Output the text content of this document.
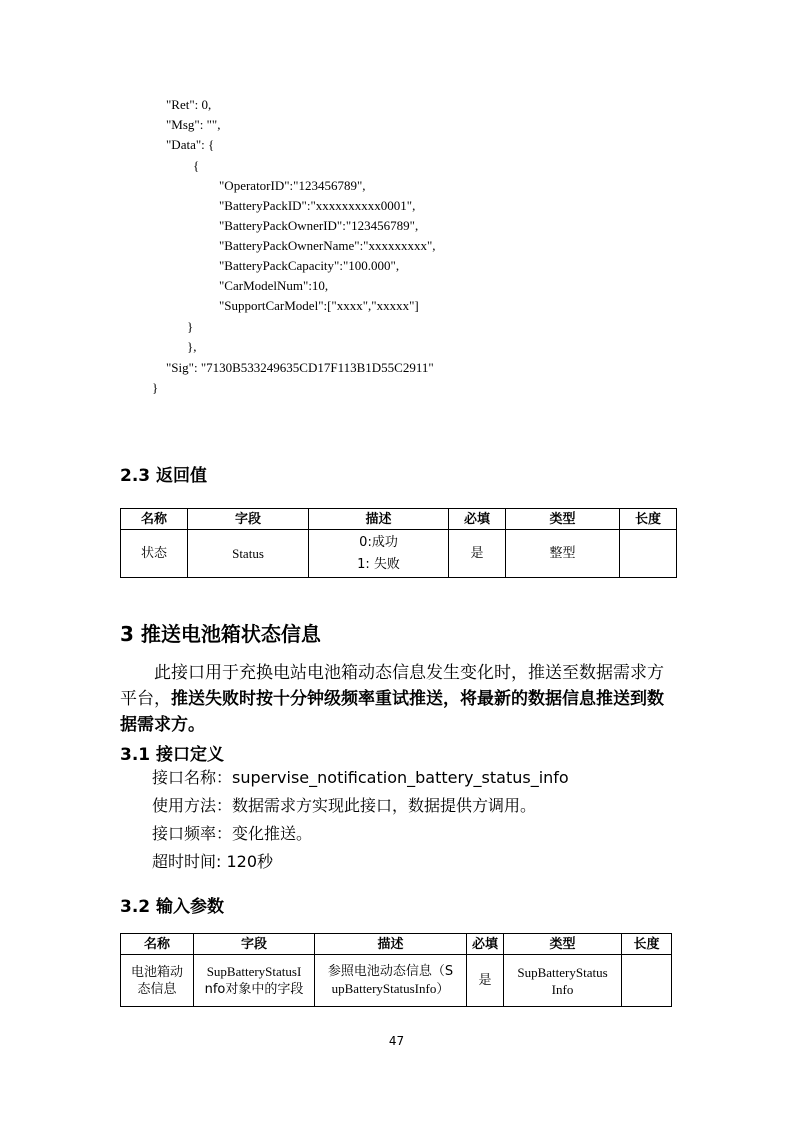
"Ret": 0,
"Msg": "",
"Data": {
{
"OperatorID":"123456789",
"BatteryPackID":"xxxxxxxxxx0001",
"BatteryPackOwnerID":"123456789",
"BatteryPackOwnerName":"xxxxxxxxx",
"BatteryPackCapacity":"100.000",
"CarModelNum":10,
"SupportCarModel":["xxxx","xxxxx"]
}
},
"Sig": "7130B533249635CD17F113B1D55C2911"
}
2.3 返回值
名称	字段	描述	必填	类型	长度
状态	Status	0:成功
1: 失败	是	整型	
3 推送电池箱状态信息
此接口用于充换电站电池箱动态信息发生变化时，推送至数据需求方平台，推送失败时按十分钟级频率重试推送，将最新的数据信息推送到数据需求方。
3.1 接口定义
接口名称：supervise_notification_battery_status_info
使用方法：数据需求方实现此接口，数据提供方调用。
接口频率：变化推送。
超时时间: 120秒
3.2 输入参数
名称	字段	描述	必填	类型	长度
电池箱动
态信息	SupBatteryStatusI
nfo对象中的字段	参照电池动态信息（S
upBatteryStatusInfo）	是	SupBatteryStatus
Info	
47
